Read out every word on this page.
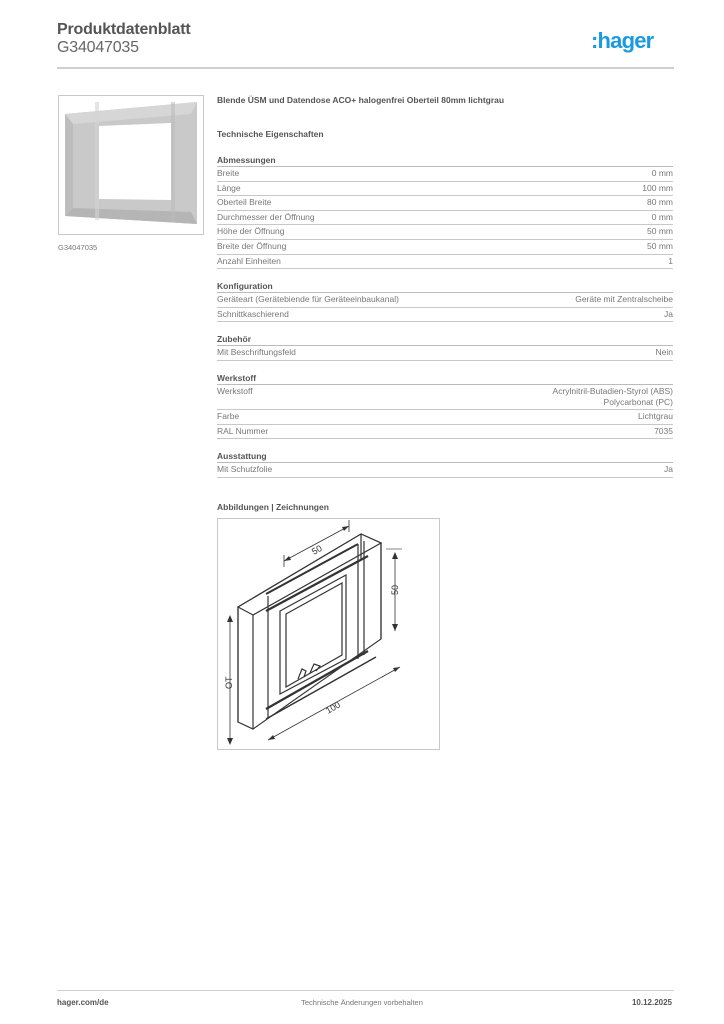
Produktdatenblatt
G34047035	:hager
G34047035
Blende ÜSM und Datendose ACO+ halogenfrei Oberteil 80mm lichtgrau
Technische Eigenschaften
Abmessungen
Breite	0 mm
Länge	100 mm
Oberteil Breite	80 mm
Durchmesser der Öffnung	0 mm
Höhe der Öffnung	50 mm
Breite der Öffnung	50 mm
Anzahl Einheiten	1
Konfiguration
Geräteart (Gerätebiende für Geräteeinbaukanal)	Geräte mit Zentralscheibe
Schnittkaschierend	Ja
Zubehör
Mit Beschriftungsfeld	Nein
Werkstoff
Werkstoff	Acrylnitril-Butadien-Styrol (ABS)
Polycarbonat (PC)
Farbe	Lichtgrau
RAL Nummer	7035
Ausstattung
Mit Schutzfolie	Ja
Abbildungen | Zeichnungen
50
50
OT
100
hager.com/de	Technische Änderungen vorbehalten	10.12.2025
